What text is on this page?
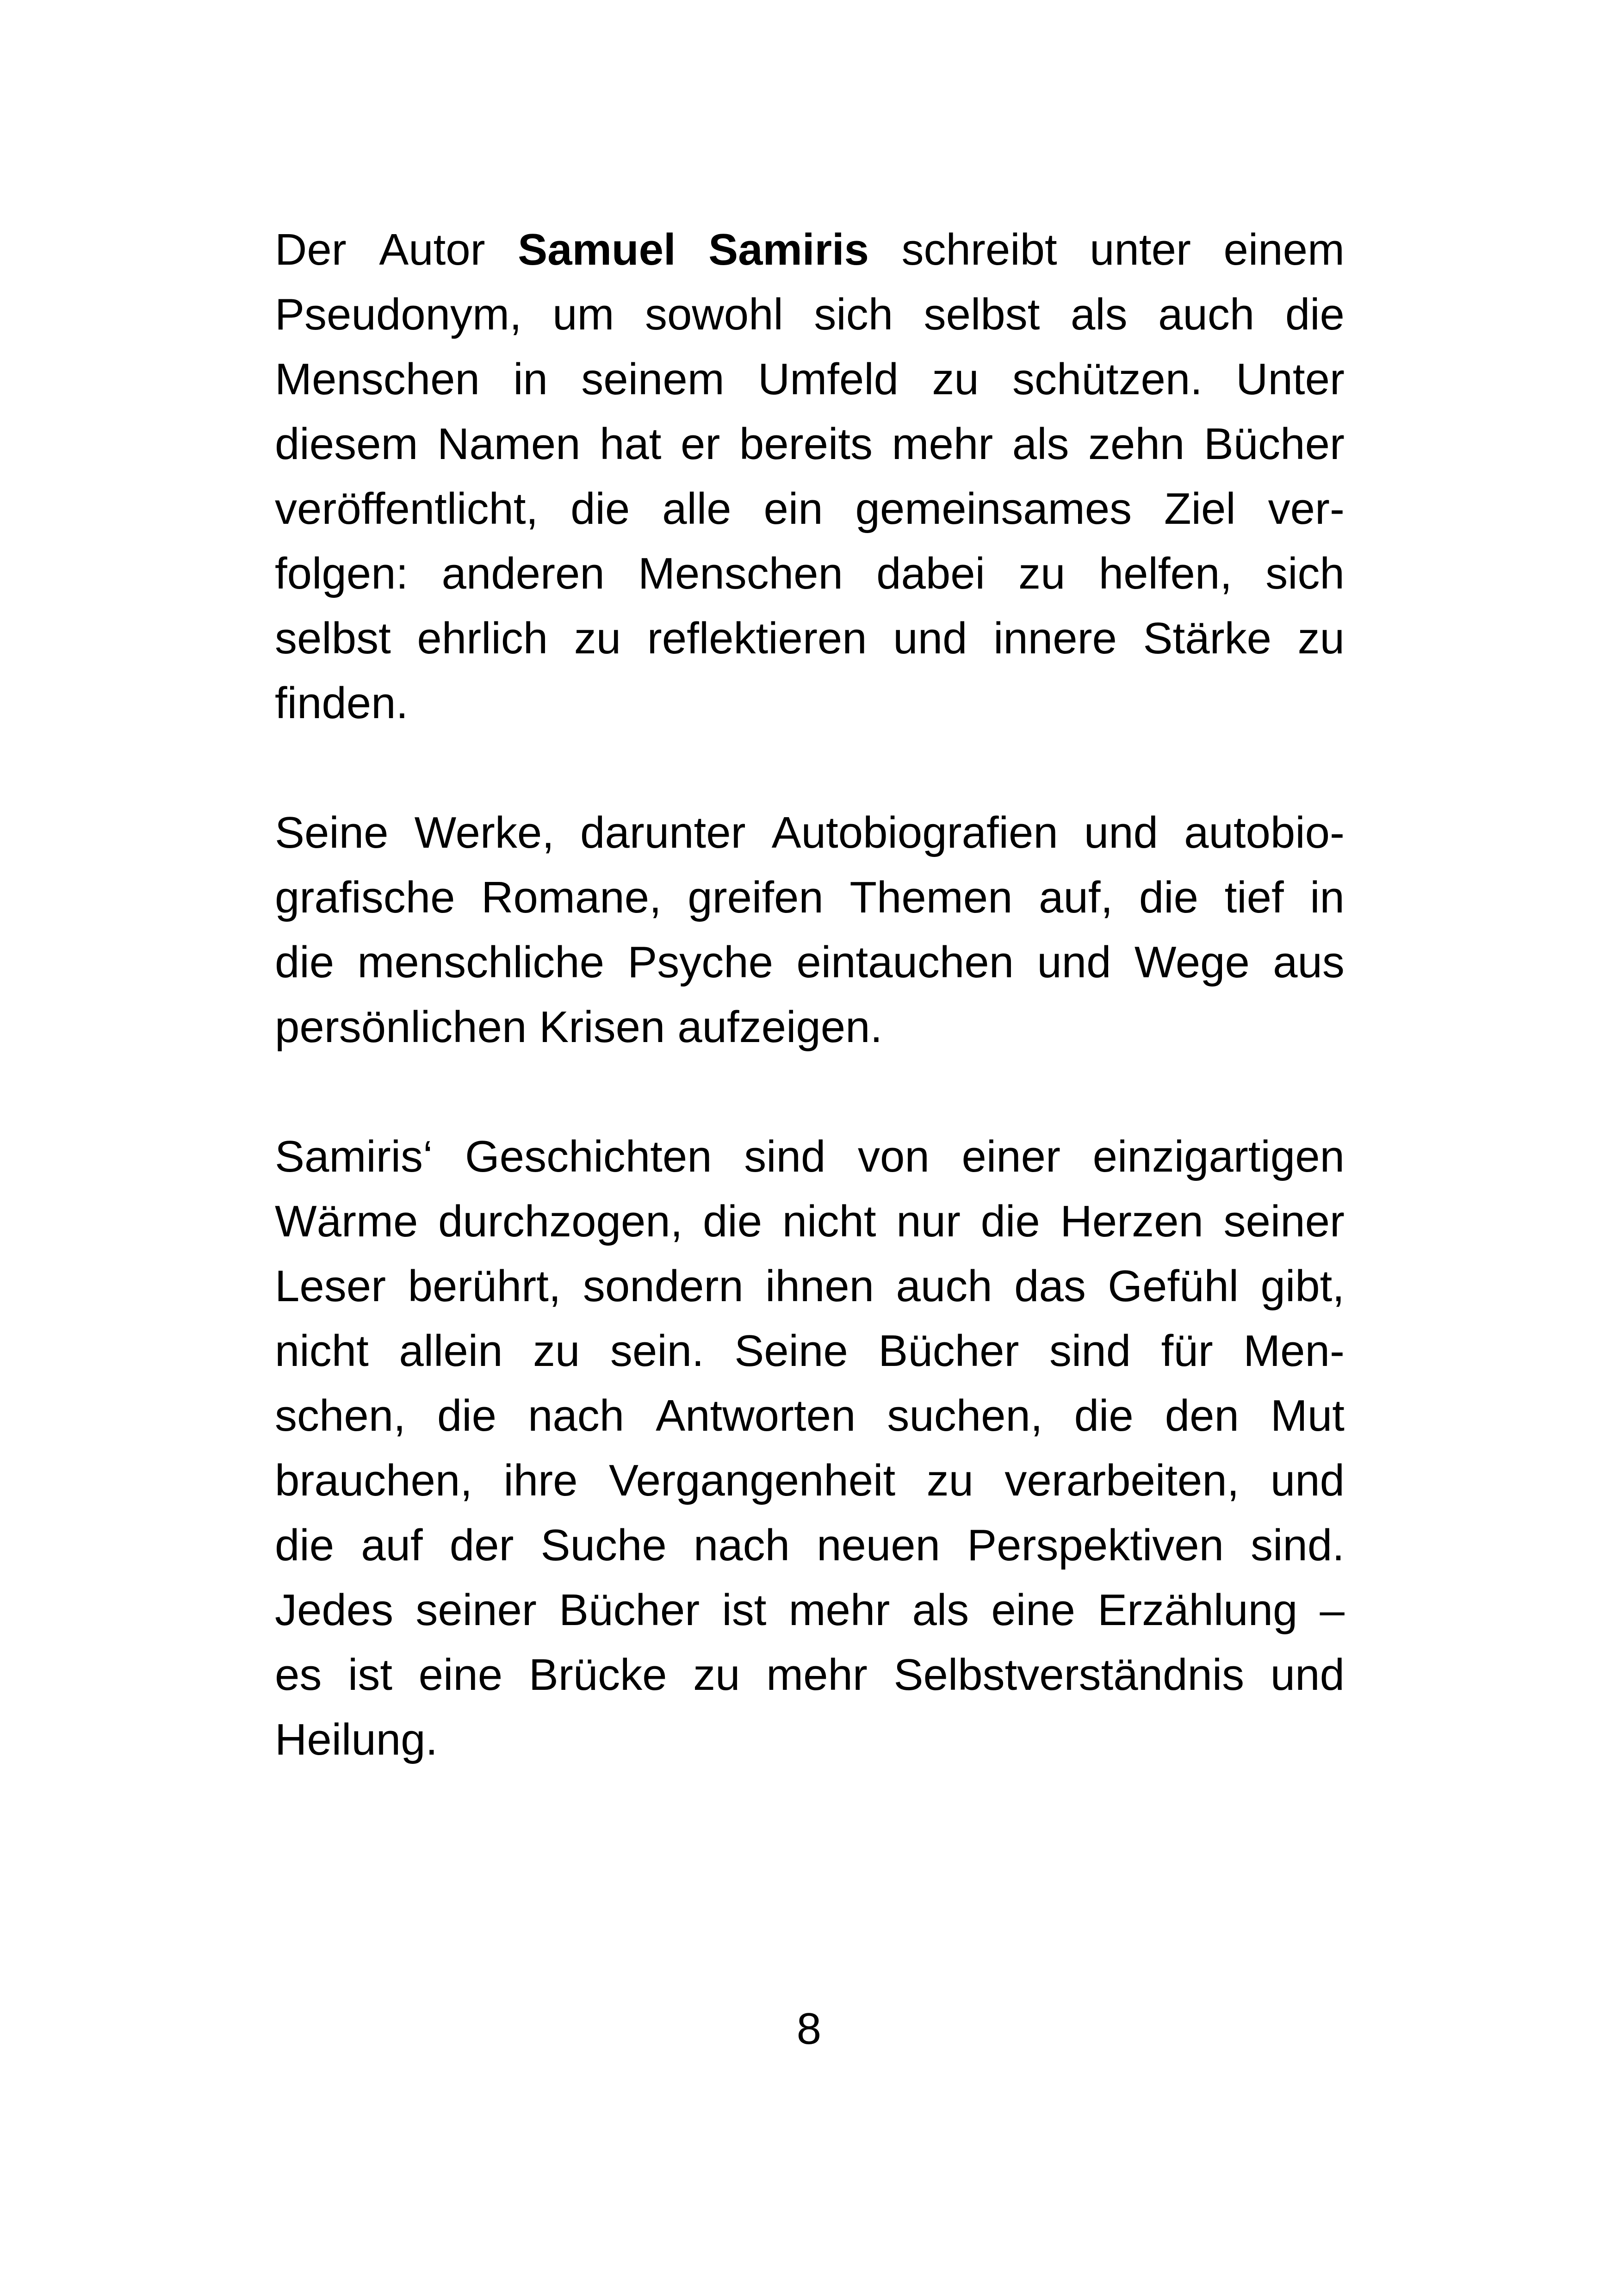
Der Autor Samuel Samiris schreibt unter einem
Pseudonym, um sowohl sich selbst als auch die
Menschen in seinem Umfeld zu schützen. Unter
diesem Namen hat er bereits mehr als zehn Bücher
veröffentlicht, die alle ein gemeinsames Ziel ver-
folgen: anderen Menschen dabei zu helfen, sich
selbst ehrlich zu reflektieren und innere Stärke zu
finden.
Seine Werke, darunter Autobiografien und autobio-
grafische Romane, greifen Themen auf, die tief in
die menschliche Psyche eintauchen und Wege aus
persönlichen Krisen aufzeigen.
Samiris‘ Geschichten sind von einer einzigartigen
Wärme durchzogen, die nicht nur die Herzen seiner
Leser berührt, sondern ihnen auch das Gefühl gibt,
nicht allein zu sein. Seine Bücher sind für Men-
schen, die nach Antworten suchen, die den Mut
brauchen, ihre Vergangenheit zu verarbeiten, und
die auf der Suche nach neuen Perspektiven sind.
Jedes seiner Bücher ist mehr als eine Erzählung –
es ist eine Brücke zu mehr Selbstverständnis und
Heilung.
8
